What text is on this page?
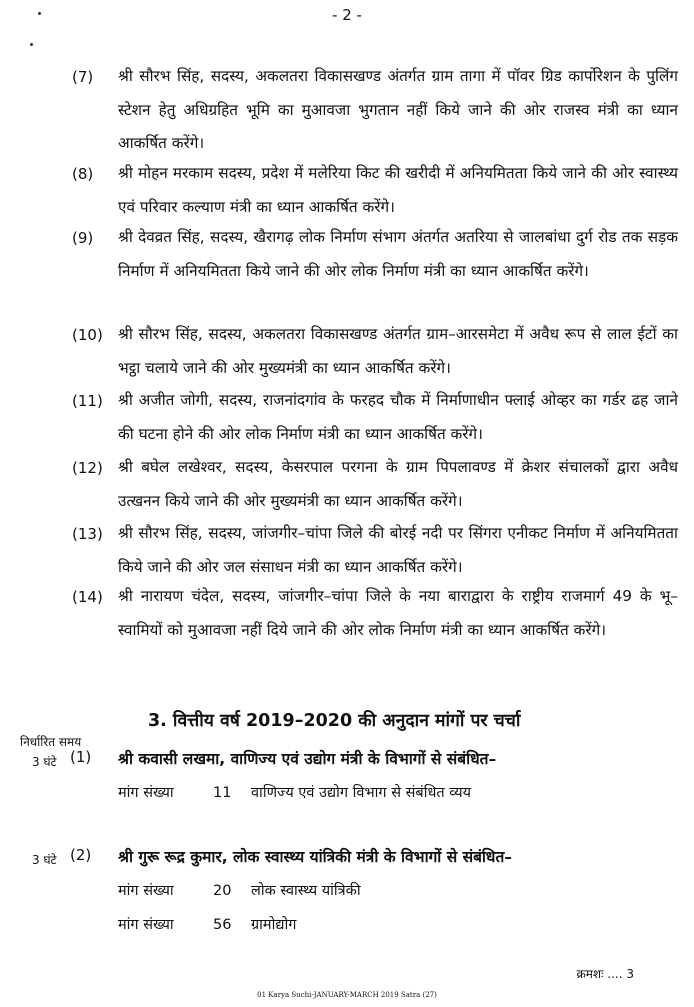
- 2 -
(7) श्री सौरभ सिंह, सदस्य, अकलतरा विकासखण्ड अंतर्गत ग्राम तागा में पॉवर ग्रिड कार्पोरेशन के पुलिंग स्टेशन हेतु अधिग्रहित भूमि का मुआवजा भुगतान नहीं किये जाने की ओर राजस्व मंत्री का ध्यान आकर्षित करेंगे।
(8) श्री मोहन मरकाम सदस्य, प्रदेश में मलेरिया किट की खरीदी में अनियमितता किये जाने की ओर स्वास्थ्य एवं परिवार कल्याण मंत्री का ध्यान आकर्षित करेंगे।
(9) श्री देवव्रत सिंह, सदस्य, खैरागढ़ लोक निर्माण संभाग अंतर्गत अतरिया से जालबांधा दुर्ग रोड तक सड़क निर्माण में अनियमितता किये जाने की ओर लोक निर्माण मंत्री का ध्यान आकर्षित करेंगे।
(10) श्री सौरभ सिंह, सदस्य, अकलतरा विकासखण्ड अंतर्गत ग्राम–आरसमेटा में अवैध रूप से लाल ईटों का भट्ठा चलाये जाने की ओर मुख्यमंत्री का ध्यान आकर्षित करेंगे।
(11) श्री अजीत जोगी, सदस्य, राजनांदगांव के फरहद चौक में निर्माणाधीन फ्लाई ओव्हर का गर्डर ढह जाने की घटना होने की ओर लोक निर्माण मंत्री का ध्यान आकर्षित करेंगे।
(12) श्री बघेल लखेश्वर, सदस्य, केसरपाल परगना के ग्राम पिपलावण्ड में क्रेशर संचालकों द्वारा अवैध उत्खनन किये जाने की ओर मुख्यमंत्री का ध्यान आकर्षित करेंगे।
(13) श्री सौरभ सिंह, सदस्य, जांजगीर–चांपा जिले की बोरई नदी पर सिंगरा एनीकट निर्माण में अनियमितता किये जाने की ओर जल संसाधन मंत्री का ध्यान आकर्षित करेंगे।
(14) श्री नारायण चंदेल, सदस्य, जांजगीर–चांपा जिले के नया बाराद्वारा के राष्ट्रीय राजमार्ग 49 के भू–स्वामियों को मुआवजा नहीं दिये जाने की ओर लोक निर्माण मंत्री का ध्यान आकर्षित करेंगे।
3. वित्तीय वर्ष 2019–2020 की अनुदान मांगों पर चर्चा
निर्धारित समय
3 घंटे (1) श्री कवासी लखमा, वाणिज्य एवं उद्योग मंत्री के विभागों से संबंधित–
मांग संख्या	11 वाणिज्य एवं उद्योग विभाग से संबंधित व्यय
3 घंटे (2) श्री गुरू रूद्र कुमार, लोक स्वास्थ्य यांत्रिकी मंत्री के विभागों से संबंधित–
मांग संख्या	20 लोक स्वास्थ्य यांत्रिकी
मांग संख्या	56 ग्रामोद्योग
क्रमशः .... 3
01 Karya Suchi-JANUARY-MARCH 2019 Satra (27)
